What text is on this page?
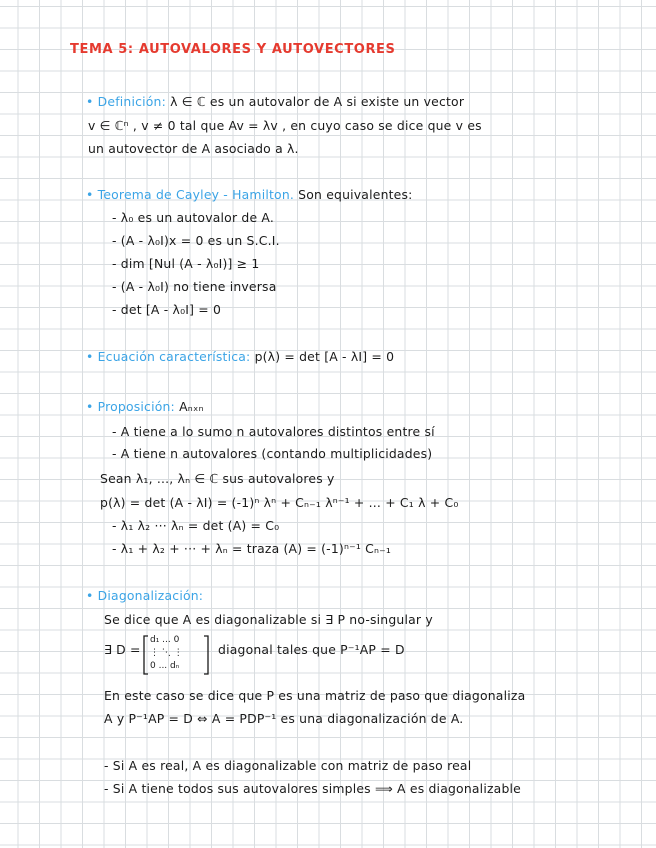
TEMA 5: AUTOVALORES Y AUTOVECTORES
• Definición: λ ∈ ℂ es un autovalor de A si existe un vector
v ∈ ℂⁿ , v ≠ 0 tal que Av = λv , en cuyo caso se dice que v es
un autovector de A asociado a λ.
• Teorema de Cayley - Hamilton. Son equivalentes:
- λ₀ es un autovalor de A.
- (A - λ₀I)x = 0 es un S.C.I.
- dim [Nul (A - λ₀I)] ≥ 1
- (A - λ₀I) no tiene inversa
- det [A - λ₀I] = 0
• Ecuación característica: p(λ) = det [A - λI] = 0
• Proposición: Aₙₓₙ
- A tiene a lo sumo n autovalores distintos entre sí
- A tiene n autovalores (contando multiplicidades)
Sean λ₁, ..., λₙ ∈ ℂ sus autovalores y
p(λ) = det (A - λI) = (-1)ⁿ λⁿ + Cₙ₋₁ λⁿ⁻¹ + ... + C₁ λ + C₀
- λ₁ λ₂ ··· λₙ = det (A) = C₀
- λ₁ + λ₂ + ··· + λₙ = traza (A) = (-1)ⁿ⁻¹ Cₙ₋₁
• Diagonalización:
Se dice que A es diagonalizable si ∃ P no-singular y
∃ D =
d₁ ... 0
⋮ ⋱ ⋮
0 ... dₙ
diagonal tales que P⁻¹AP = D
En este caso se dice que P es una matriz de paso que diagonaliza
A y P⁻¹AP = D ⇔ A = PDP⁻¹ es una diagonalización de A.
- Si A es real, A es diagonalizable con matriz de paso real
- Si A tiene todos sus autovalores simples ⟹ A es diagonalizable
